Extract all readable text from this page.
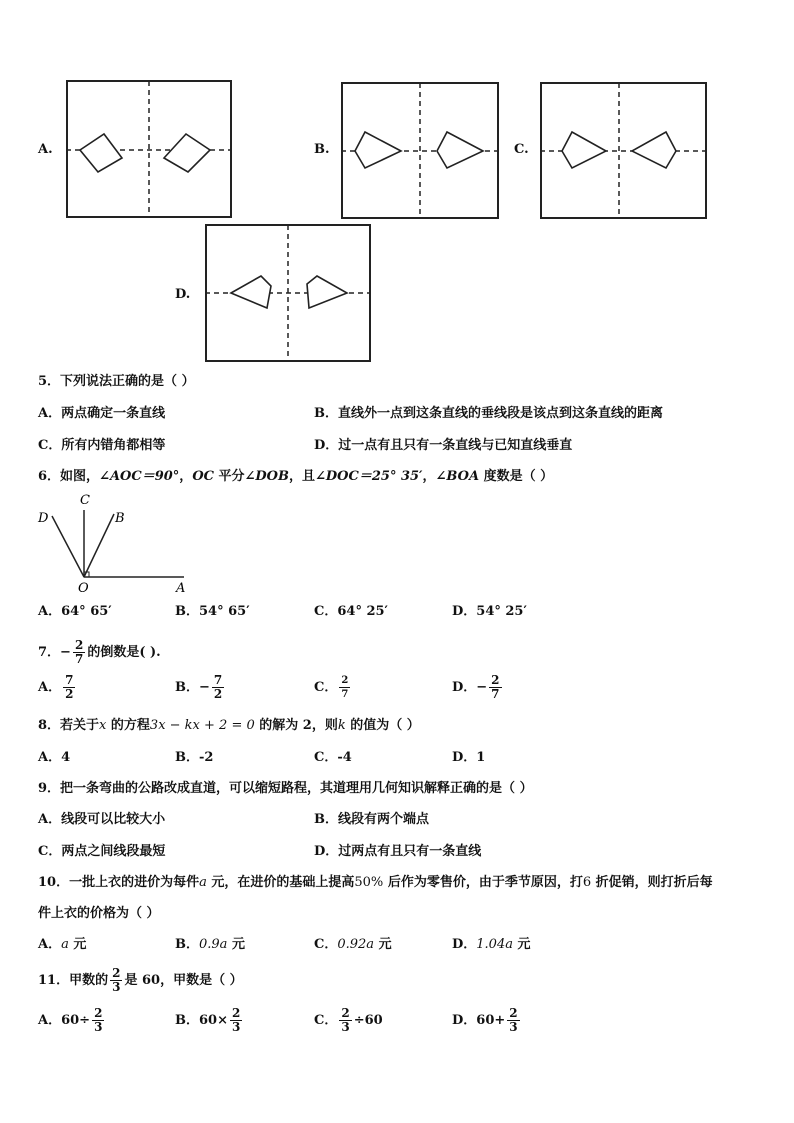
A.	B.	C.
D.
5．下列说法正确的是（ ）
A．两点确定一条直线	B．直线外一点到这条直线的垂线段是该点到这条直线的距离
C．所有内错角都相等	D．过一点有且只有一条直线与已知直线垂直
6．如图，∠AOC＝90°，OC 平分∠DOB，且∠DOC＝25° 35′，∠BOA 度数是（ ）
C
D	B
O	A
A．64° 65′	B．54° 65′	C．64° 25′	D．54° 25′
7．− $\frac{2}{7}$ 的倒数是( ).
A． $\frac{7}{2}$	B．− $\frac{7}{2}$	C． $\frac{2}{7}$	D．− $\frac{2}{7}$
8．若关于x 的方程3x − kx + 2 = 0 的解为 2，则k 的值为（ ）
A．4	B．-2	C．-4	D．1
9．把一条弯曲的公路改成直道，可以缩短路程，其道理用几何知识解释正确的是（ ）
A．线段可以比较大小	B．线段有两个端点
C．两点之间线段最短	D．过两点有且只有一条直线
10．一批上衣的进价为每件a 元，在进价的基础上提高50% 后作为零售价，由于季节原因，打6 折促销，则打折后每
件上衣的价格为（ ）
A．a 元	B．0.9a 元	C．0.92a 元	D．1.04a 元
11．甲数的 $\frac{2}{3}$ 是 60，甲数是（ ）
A．$60\div \frac{2}{3}$	B．$60\times \frac{2}{3}$	C． $\frac{2}{3} \div 60$	D．$60+ \frac{2}{3}$
